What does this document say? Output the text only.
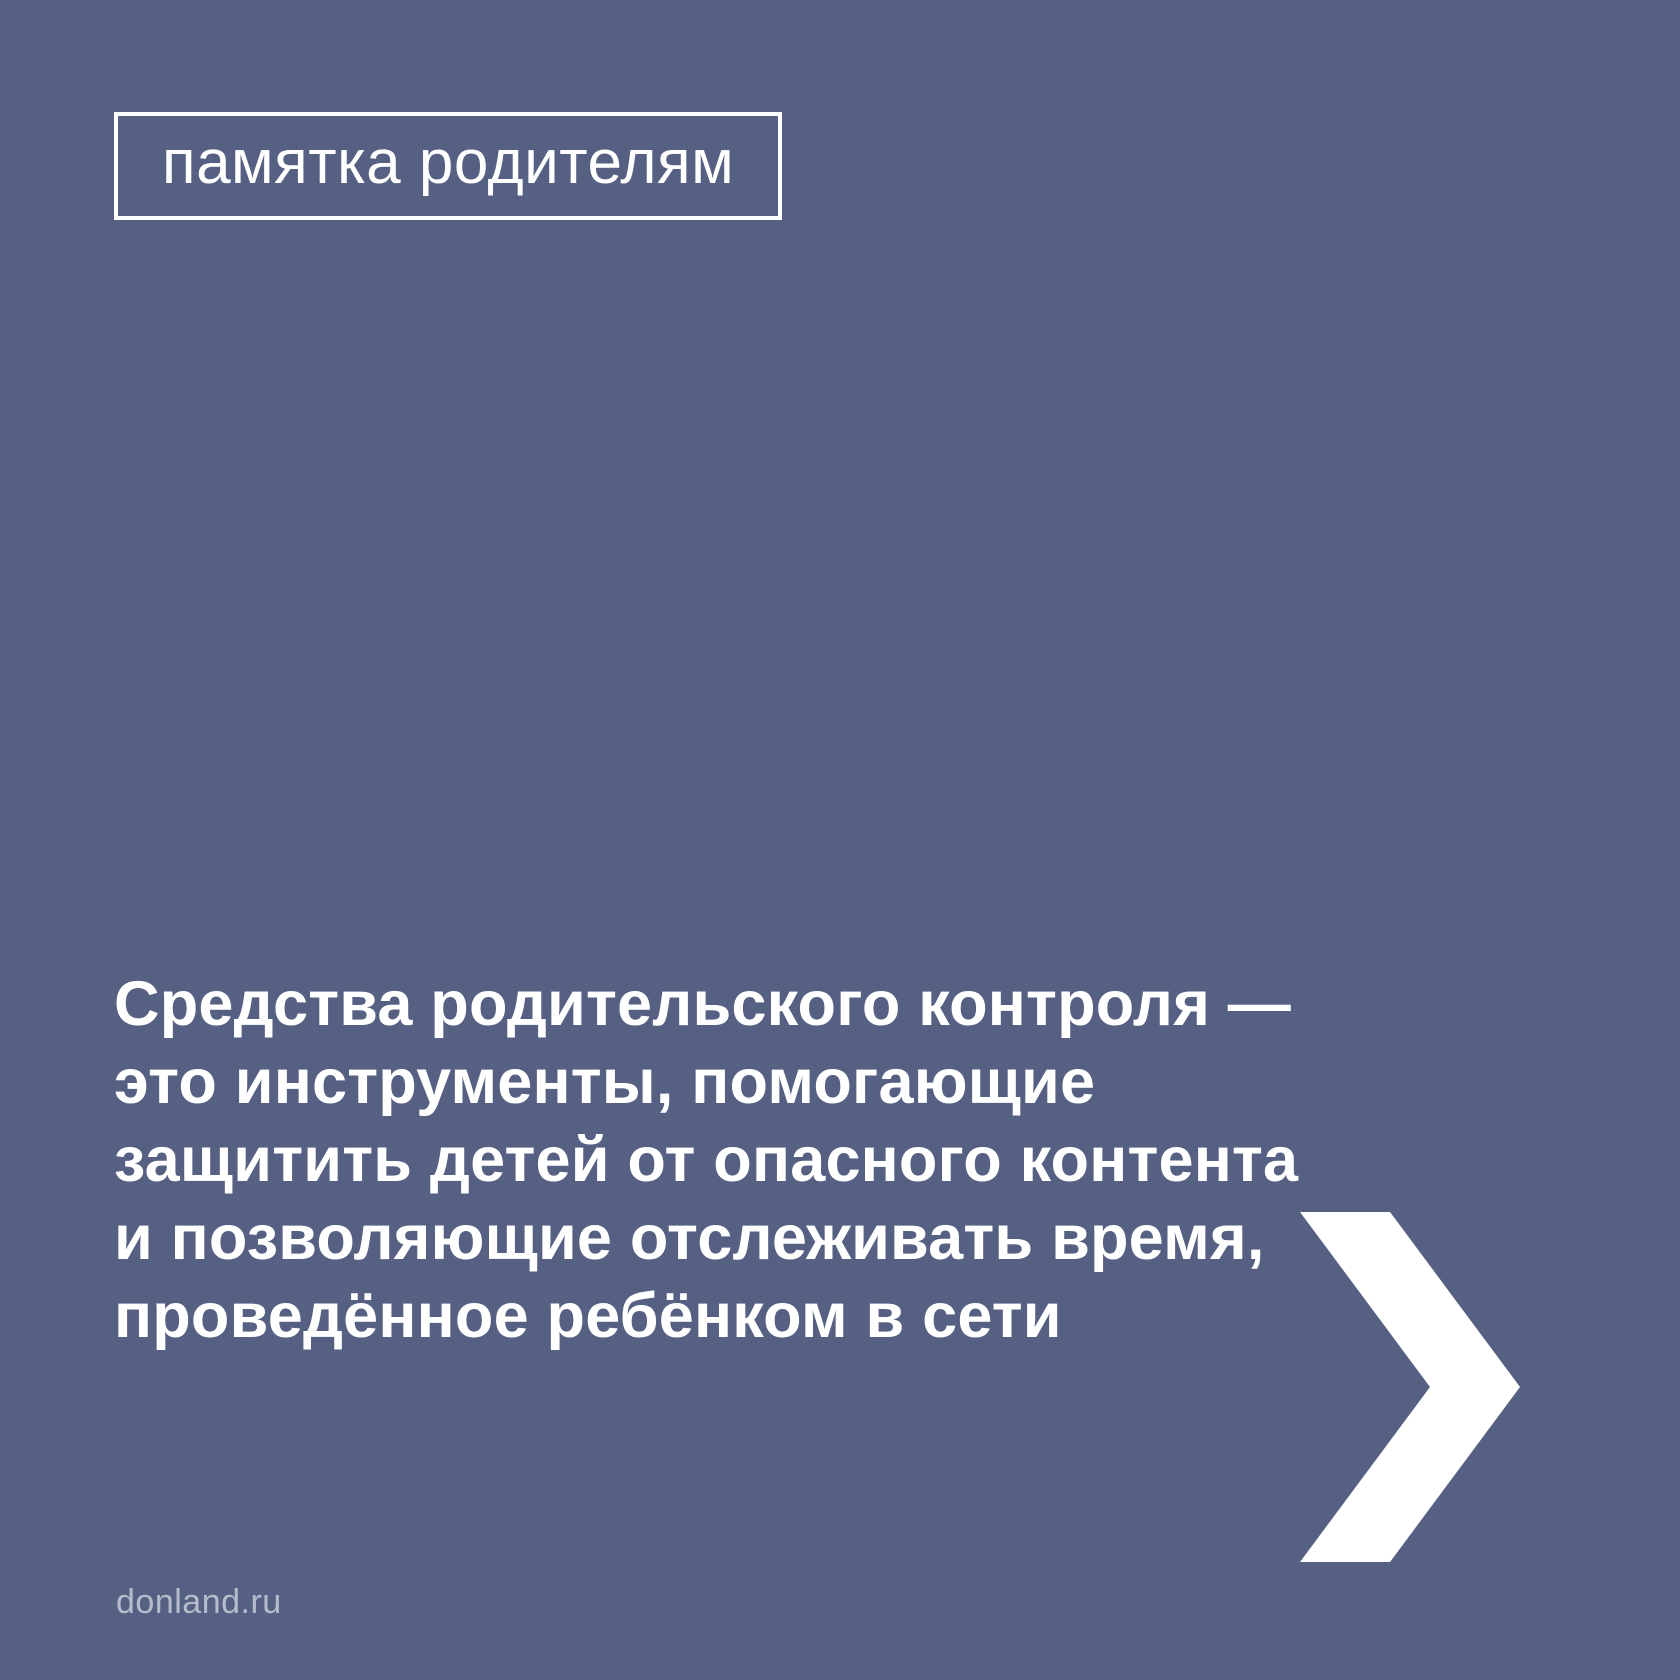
памятка родителям
Средства родительского контроля — это инструменты, помогающие защитить детей от опасного контента и позволяющие отслеживать время, проведённое ребёнком в сети
donland.ru
